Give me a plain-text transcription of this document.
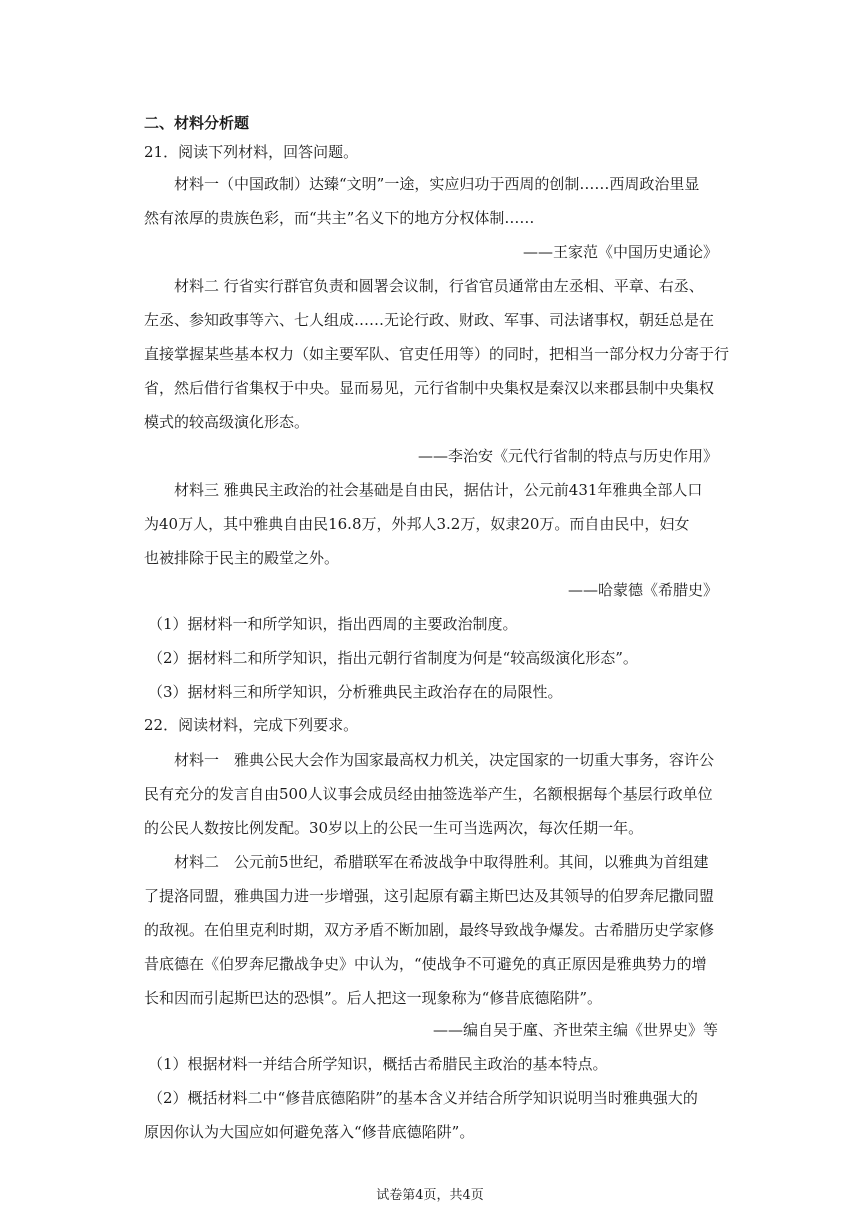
二、材料分析题
21．阅读下列材料，回答问题。
材料一（中国政制）达臻“文明”一途，实应归功于西周的创制……西周政治里显
然有浓厚的贵族色彩，而“共主”名义下的地方分权体制……
——王家范《中国历史通论》
材料二 行省实行群官负责和圆署会议制，行省官员通常由左丞相、平章、右丞、
左丞、参知政事等六、七人组成……无论行政、财政、军事、司法诸事权，朝廷总是在
直接掌握某些基本权力（如主要军队、官吏任用等）的同时，把相当一部分权力分寄于行
省，然后借行省集权于中央。显而易见，元行省制中央集权是秦汉以来郡县制中央集权
模式的较高级演化形态。
——李治安《元代行省制的特点与历史作用》
材料三 雅典民主政治的社会基础是自由民，据估计，公元前431年雅典全部人口
为40万人，其中雅典自由民16.8万，外邦人3.2万，奴隶20万。而自由民中，妇女
也被排除于民主的殿堂之外。
——哈蒙德《希腊史》
（1）据材料一和所学知识，指出西周的主要政治制度。
（2）据材料二和所学知识，指出元朝行省制度为何是“较高级演化形态”。
（3）据材料三和所学知识，分析雅典民主政治存在的局限性。
22．阅读材料，完成下列要求。
材料一　雅典公民大会作为国家最高权力机关，决定国家的一切重大事务，容许公
民有充分的发言自由500人议事会成员经由抽签选举产生，名额根据每个基层行政单位
的公民人数按比例发配。30岁以上的公民一生可当选两次，每次任期一年。
材料二　公元前5世纪，希腊联军在希波战争中取得胜利。其间，以雅典为首组建
了提洛同盟，雅典国力进一步增强，这引起原有霸主斯巴达及其领导的伯罗奔尼撒同盟
的敌视。在伯里克利时期，双方矛盾不断加剧，最终导致战争爆发。古希腊历史学家修
昔底德在《伯罗奔尼撒战争史》中认为，“使战争不可避免的真正原因是雅典势力的增
长和因而引起斯巴达的恐惧”。后人把这一现象称为“修昔底德陷阱”。
——编自吴于廑、齐世荣主编《世界史》等
（1）根据材料一并结合所学知识，概括古希腊民主政治的基本特点。
（2）概括材料二中“修昔底德陷阱”的基本含义并结合所学知识说明当时雅典强大的
原因你认为大国应如何避免落入“修昔底德陷阱”。
试卷第4页，共4页
